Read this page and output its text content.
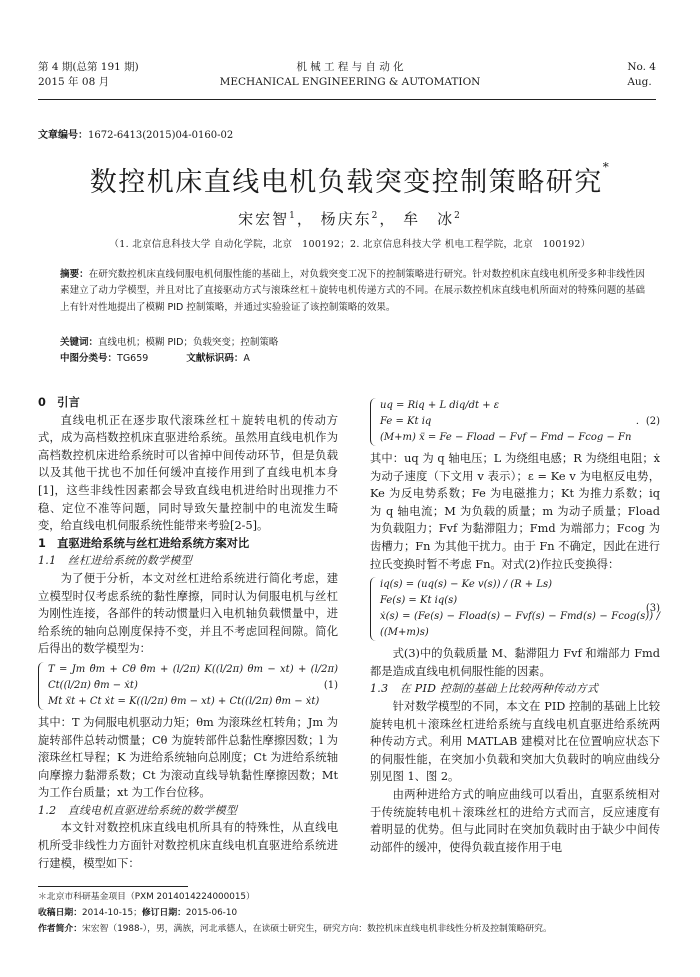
第 4 期(总第 191 期)
2015 年 08 月
机 械 工 程 与 自 动 化
MECHANICAL ENGINEERING & AUTOMATION
No. 4
Aug.
文章编号：1672-6413(2015)04-0160-02
数控机床直线电机负载突变控制策略研究*
宋宏智$^1$， 杨庆东$^2$， 牟　冰$^2$
（1. 北京信息科技大学 自动化学院，北京　100192；2. 北京信息科技大学 机电工程学院，北京　100192）
摘要：在研究数控机床直线伺服电机伺服性能的基础上，对负载突变工况下的控制策略进行研究。针对数控机床直线电机所受多种非线性因素建立了动力学模型，并且对比了直接驱动方式与滚珠丝杠＋旋转电机传递方式的不同。在展示数控机床直线电机所面对的特殊问题的基础上有针对性地提出了模糊 PID 控制策略，并通过实验验证了该控制策略的效果。
关键词：直线电机；模糊 PID；负载突变；控制策略
中图分类号：TG659	文献标识码：A
0　引言

直线电机正在逐步取代滚珠丝杠＋旋转电机的传动方式，成为高档数控机床直驱进给系统。虽然用直线电机作为高档数控机床进给系统时可以省掉中间传动环节，但是负载以及其他干扰也不加任何缓冲直接作用到了直线电机本身[1]，这些非线性因素都会导致直线电机进给时出现推力不稳、定位不准等问题，同时导致矢量控制中的电流发生畸变，给直线电机伺服系统性能带来考验[2-5]。

1　直驱进给系统与丝杠进给系统方案对比
1.1　丝杠进给系统的数学模型

为了便于分析，本文对丝杠进给系统进行简化考虑，建立模型时仅考虑系统的黏性摩擦，同时认为伺服电机与丝杠为刚性连接，各部件的转动惯量归入电机轴负载惯量中，进给系统的轴向总刚度保持不变，并且不考虑回程间隙。简化后得出的数学模型为：

T = Jm θ̈m + Cθ θ̇m + (l/2π) K((l/2π) θm − xt) + (l/2π) Ct((l/2π) θ̇m − ẋt)
Mt ẍt + Ct ẋt = K((l/2π) θm − xt) + Ct((l/2π) θ̇m − ẋt)
(1)

其中：T 为伺服电机驱动力矩；θm 为滚珠丝杠转角；Jm 为旋转部件总转动惯量；Cθ 为旋转部件总黏性摩擦因数；l 为滚珠丝杠导程；K 为进给系统轴向总刚度；Ct 为进给系统轴向摩擦力黏滞系数；Ct 为滚动直线导轨黏性摩擦因数；Mt 为工作台质量；xt 为工作台位移。

1.2　直线电机直驱进给系统的数学模型

本文针对数控机床直线电机所具有的特殊性，从直线电机所受非线性力方面针对数控机床直线电机直驱进给系统进行建模，模型如下：

uq = Riq + L diq/dt + ε
Fe = Kt iq
(M+m) ẍ = Fe − Fload − Fvf − Fmd − Fcog − Fn
．(2)

其中：uq 为 q 轴电压；L 为绕组电感；R 为绕组电阻；ẋ 为动子速度（下文用 v 表示）；ε = Ke v 为电枢反电势，Ke 为反电势系数；Fe 为电磁推力；Kt 为推力系数；iq 为 q 轴电流；M 为负载的质量；m 为动子质量；Fload 为负载阻力；Fvf 为黏滞阻力；Fmd 为端部力；Fcog 为齿槽力；Fn 为其他干扰力。由于 Fn 不确定，因此在进行拉氏变换时暂不考虑 Fn。对式(2)作拉氏变换得：

iq(s) = (uq(s) − Ke v(s)) / (R + Ls)
Fe(s) = Kt iq(s)
ẋ(s) = (Fe(s) − Fload(s) − Fvf(s) − Fmd(s) − Fcog(s)) / ((M+m)s)
(3)

式(3)中的负载质量 M、黏滞阻力 Fvf 和端部力 Fmd 都是造成直线电机伺服性能的因素。

1.3　在 PID 控制的基础上比较两种传动方式

针对数学模型的不同，本文在 PID 控制的基础上比较旋转电机＋滚珠丝杠进给系统与直线电机直驱进给系统两种传动方式。利用 MATLAB 建模对比在位置响应状态下的伺服性能，在突加小负载和突加大负载时的响应曲线分别见图 1、图 2。

由两种进给方式的响应曲线可以看出，直驱系统相对于传统旋转电机＋滚珠丝杠的进给方式而言，反应速度有着明显的优势。但与此同时在突加负载时由于缺少中间传动部件的缓冲，使得负载直接作用于电

＊北京市科研基金项目（PXM 2014014224000015）
收稿日期：2014-10-15；修订日期：2015-06-10
作者简介：宋宏智（1988-），男，满族，河北承德人，在读硕士研究生，研究方向：数控机床直线电机非线性分析及控制策略研究。
